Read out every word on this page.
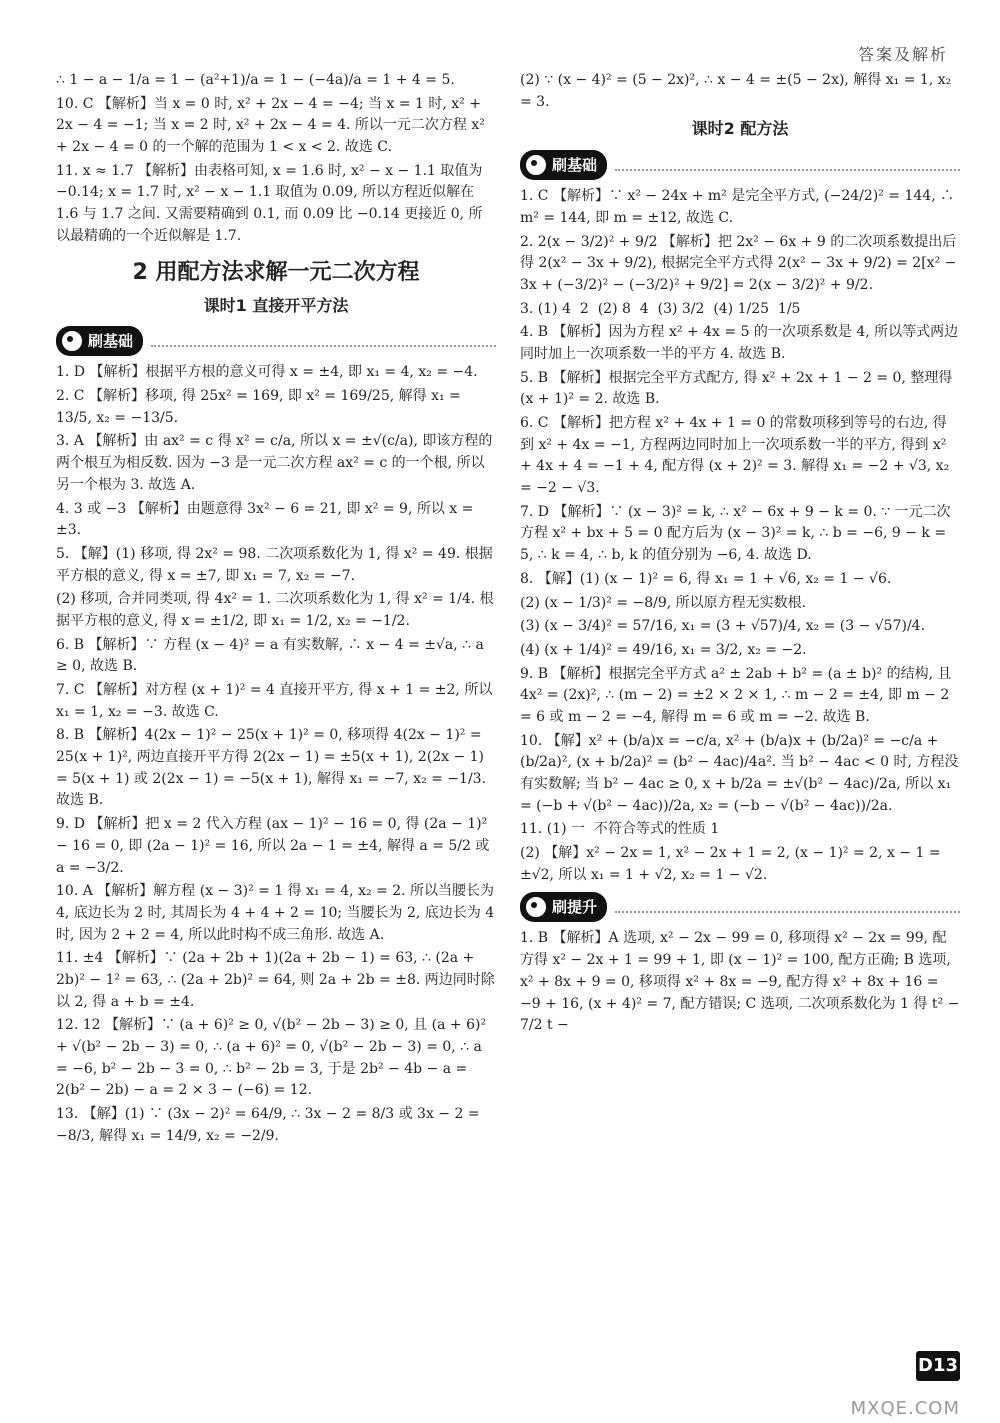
答案及解析
∴ 1 − a − 1/a = 1 − (a²+1)/a = 1 − (−4a)/a = 1 + 4 = 5.
10. C 【解析】当 x = 0 时, x² + 2x − 4 = −4; 当 x = 1 时, x² + 2x − 4 = −1; 当 x = 2 时, x² + 2x − 4 = 4. 所以一元二次方程 x² + 2x − 4 = 0 的一个解的范围为 1 < x < 2. 故选 C.
11. x ≈ 1.7 【解析】由表格可知, x = 1.6 时, x² − x − 1.1 取值为 −0.14; x = 1.7 时, x² − x − 1.1 取值为 0.09, 所以方程近似解在 1.6 与 1.7 之间. 又需要精确到 0.1, 而 0.09 比 −0.14 更接近 0, 所以最精确的一个近似解是 1.7.
2 用配方法求解一元二次方程
课时1 直接开平方法
刷基础
1. D 【解析】根据平方根的意义可得 x = ±4, 即 x₁ = 4, x₂ = −4.
2. C 【解析】移项, 得 25x² = 169, 即 x² = 169/25, 解得 x₁ = 13/5, x₂ = −13/5.
3. A 【解析】由 ax² = c 得 x² = c/a, 所以 x = ±√(c/a), 即该方程的两个根互为相反数. 因为 −3 是一元二次方程 ax² = c 的一个根, 所以另一个根为 3. 故选 A.
4. 3 或 −3 【解析】由题意得 3x² − 6 = 21, 即 x² = 9, 所以 x = ±3.
5. 【解】(1) 移项, 得 2x² = 98. 二次项系数化为 1, 得 x² = 49. 根据平方根的意义, 得 x = ±7, 即 x₁ = 7, x₂ = −7.
(2) 移项, 合并同类项, 得 4x² = 1. 二次项系数化为 1, 得 x² = 1/4. 根据平方根的意义, 得 x = ±1/2, 即 x₁ = 1/2, x₂ = −1/2.
6. B 【解析】∵ 方程 (x − 4)² = a 有实数解, ∴ x − 4 = ±√a, ∴ a ≥ 0, 故选 B.
7. C 【解析】对方程 (x + 1)² = 4 直接开平方, 得 x + 1 = ±2, 所以 x₁ = 1, x₂ = −3. 故选 C.
8. B 【解析】4(2x − 1)² − 25(x + 1)² = 0, 移项得 4(2x − 1)² = 25(x + 1)², 两边直接开平方得 2(2x − 1) = ±5(x + 1), 2(2x − 1) = 5(x + 1) 或 2(2x − 1) = −5(x + 1), 解得 x₁ = −7, x₂ = −1/3. 故选 B.
9. D 【解析】把 x = 2 代入方程 (ax − 1)² − 16 = 0, 得 (2a − 1)² − 16 = 0, 即 (2a − 1)² = 16, 所以 2a − 1 = ±4, 解得 a = 5/2 或 a = −3/2.
10. A 【解析】解方程 (x − 3)² = 1 得 x₁ = 4, x₂ = 2. 所以当腰长为 4, 底边长为 2 时, 其周长为 4 + 4 + 2 = 10; 当腰长为 2, 底边长为 4 时, 因为 2 + 2 = 4, 所以此时构不成三角形. 故选 A.
11. ±4 【解析】∵ (2a + 2b + 1)(2a + 2b − 1) = 63, ∴ (2a + 2b)² − 1² = 63, ∴ (2a + 2b)² = 64, 则 2a + 2b = ±8. 两边同时除以 2, 得 a + b = ±4.
12. 12 【解析】∵ (a + 6)² ≥ 0, √(b² − 2b − 3) ≥ 0, 且 (a + 6)² + √(b² − 2b − 3) = 0, ∴ (a + 6)² = 0, √(b² − 2b − 3) = 0, ∴ a = −6, b² − 2b − 3 = 0, ∴ b² − 2b = 3, 于是 2b² − 4b − a = 2(b² − 2b) − a = 2 × 3 − (−6) = 12.
13. 【解】(1) ∵ (3x − 2)² = 64/9, ∴ 3x − 2 = 8/3 或 3x − 2 = −8/3, 解得 x₁ = 14/9, x₂ = −2/9.
(2) ∵ (x − 4)² = (5 − 2x)², ∴ x − 4 = ±(5 − 2x), 解得 x₁ = 1, x₂ = 3.
课时2 配方法
刷基础
1. C 【解析】∵ x² − 24x + m² 是完全平方式, (−24/2)² = 144, ∴ m² = 144, 即 m = ±12, 故选 C.
2. 2(x − 3/2)² + 9/2 【解析】把 2x² − 6x + 9 的二次项系数提出后得 2(x² − 3x + 9/2), 根据完全平方式得 2(x² − 3x + 9/2) = 2[x² − 3x + (−3/2)² − (−3/2)² + 9/2] = 2(x − 3/2)² + 9/2.
3. (1) 4  2  (2) 8  4  (3) 3/2  (4) 1/25  1/5
4. B 【解析】因为方程 x² + 4x = 5 的一次项系数是 4, 所以等式两边同时加上一次项系数一半的平方 4. 故选 B.
5. B 【解析】根据完全平方式配方, 得 x² + 2x + 1 − 2 = 0, 整理得 (x + 1)² = 2. 故选 B.
6. C 【解析】把方程 x² + 4x + 1 = 0 的常数项移到等号的右边, 得到 x² + 4x = −1, 方程两边同时加上一次项系数一半的平方, 得到 x² + 4x + 4 = −1 + 4, 配方得 (x + 2)² = 3. 解得 x₁ = −2 + √3, x₂ = −2 − √3.
7. D 【解析】∵ (x − 3)² = k, ∴ x² − 6x + 9 − k = 0. ∵ 一元二次方程 x² + bx + 5 = 0 配方后为 (x − 3)² = k, ∴ b = −6, 9 − k = 5, ∴ k = 4, ∴ b, k 的值分别为 −6, 4. 故选 D.
8. 【解】(1) (x − 1)² = 6, 得 x₁ = 1 + √6, x₂ = 1 − √6.
(2) (x − 1/3)² = −8/9, 所以原方程无实数根.
(3) (x − 3/4)² = 57/16, x₁ = (3 + √57)/4, x₂ = (3 − √57)/4.
(4) (x + 1/4)² = 49/16, x₁ = 3/2, x₂ = −2.
9. B 【解析】根据完全平方式 a² ± 2ab + b² = (a ± b)² 的结构, 且 4x² = (2x)², ∴ (m − 2) = ±2 × 2 × 1, ∴ m − 2 = ±4, 即 m − 2 = 6 或 m − 2 = −4, 解得 m = 6 或 m = −2. 故选 B.
10. 【解】x² + (b/a)x = −c/a, x² + (b/a)x + (b/2a)² = −c/a + (b/2a)², (x + b/2a)² = (b² − 4ac)/4a². 当 b² − 4ac < 0 时, 方程没有实数解; 当 b² − 4ac ≥ 0, x + b/2a = ±√(b² − 4ac)/2a, 所以 x₁ = (−b + √(b² − 4ac))/2a, x₂ = (−b − √(b² − 4ac))/2a.
11. (1) 一  不符合等式的性质 1
(2) 【解】x² − 2x = 1, x² − 2x + 1 = 2, (x − 1)² = 2, x − 1 = ±√2, 所以 x₁ = 1 + √2, x₂ = 1 − √2.
刷提升
1. B 【解析】A 选项, x² − 2x − 99 = 0, 移项得 x² − 2x = 99, 配方得 x² − 2x + 1 = 99 + 1, 即 (x − 1)² = 100, 配方正确; B 选项, x² + 8x + 9 = 0, 移项得 x² + 8x = −9, 配方得 x² + 8x + 16 = −9 + 16, (x + 4)² = 7, 配方错误; C 选项, 二次项系数化为 1 得 t² − 7/2 t −
D13
MXQE.COM
